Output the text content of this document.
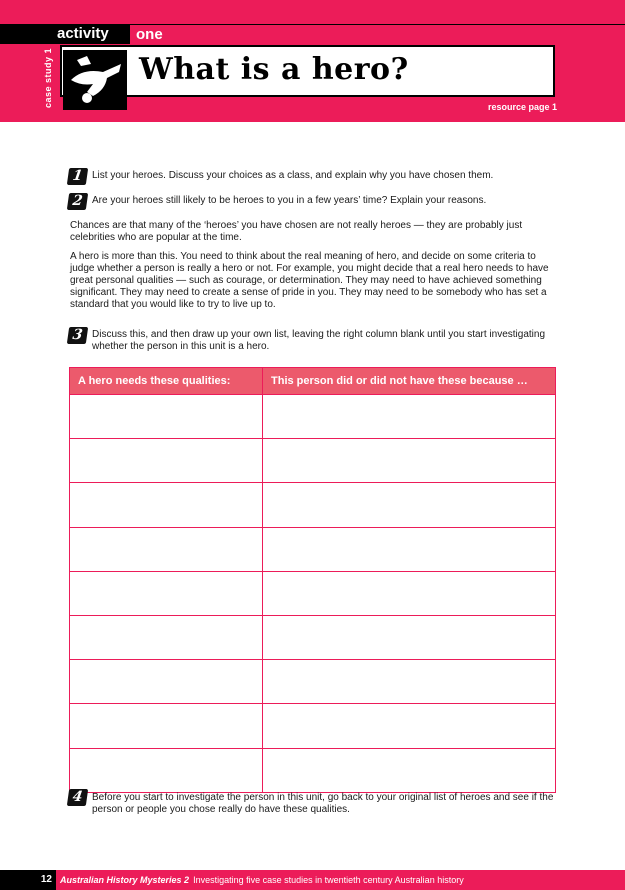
activity	one
case study 1	What is a hero?
resource page 1
1 List your heroes. Discuss your choices as a class, and explain why you have chosen them.
2 Are your heroes still likely to be heroes to you in a few years’ time? Explain your reasons.
Chances are that many of the ‘heroes’ you have chosen are not really heroes — they are probably just celebrities who are popular at the time.
A hero is more than this. You need to think about the real meaning of hero, and decide on some criteria to judge whether a person is really a hero or not. For example, you might decide that a real hero needs to have great personal qualities — such as courage, or determination. They may need to have achieved something significant. They may need to create a sense of pride in you. They may need to be somebody who has set a standard that you would like to try to live up to.
3 Discuss this, and then draw up your own list, leaving the right column blank until you start investigating whether the person in this unit is a hero.
A hero needs these qualities:	This person did or did not have these because …

4 Before you start to investigate the person in this unit, go back to your original list of heroes and see if the person or people you chose really do have these qualities.
12 Australian History Mysteries 2 Investigating five case studies in twentieth century Australian history
